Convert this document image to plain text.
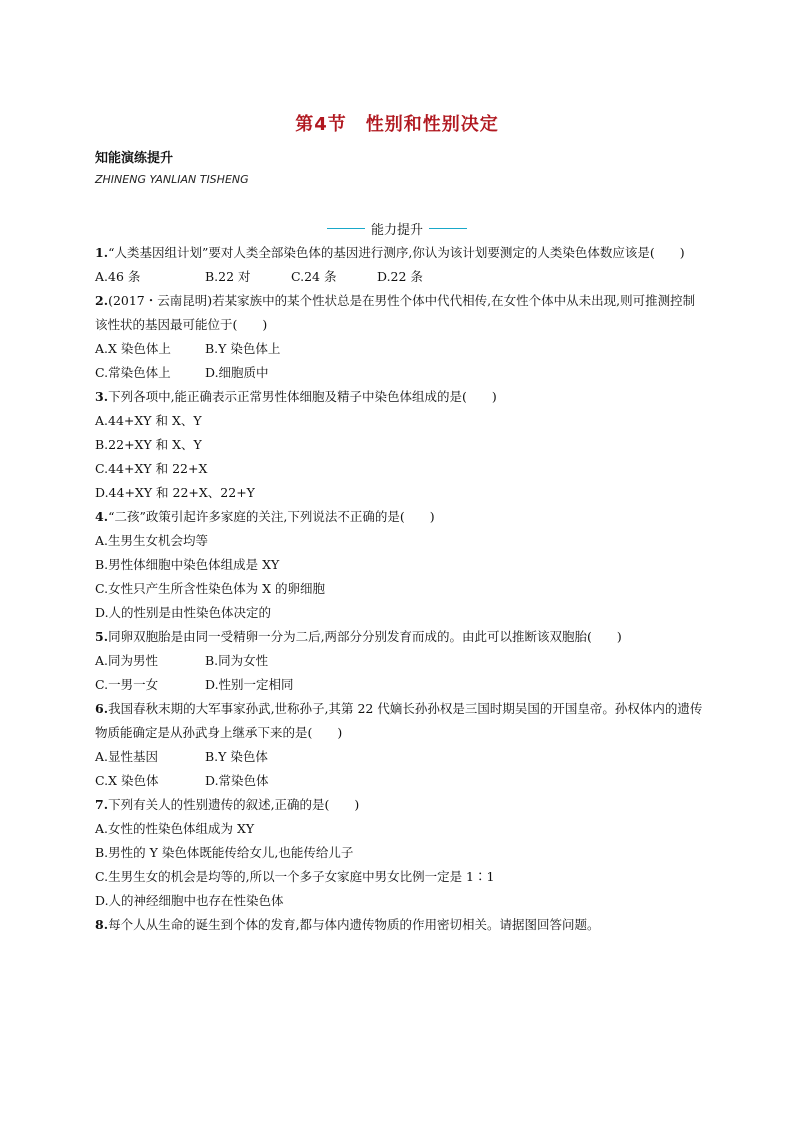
第4节　性别和性别决定
知能演练提升
ZHINENG YANLIAN TISHENG
能力提升

1.“人类基因组计划”要对人类全部染色体的基因进行测序,你认为该计划要测定的人类染色体数应该是(　　)

A.46 条	B.22 对	C.24 条	D.22 条

2.(2017・云南昆明)若某家族中的某个性状总是在男性个体中代代相传,在女性个体中从未出现,则可推测控制该性状的基因最可能位于(　　)

A.X 染色体上	B.Y 染色体上
C.常染色体上	D.细胞质中

3.下列各项中,能正确表示正常男性体细胞及精子中染色体组成的是(　　)

A.44+XY 和 X、Y

B.22+XY 和 X、Y

C.44+XY 和 22+X

D.44+XY 和 22+X、22+Y

4.“二孩”政策引起许多家庭的关注,下列说法不正确的是(　　)

A.生男生女机会均等

B.男性体细胞中染色体组成是 XY

C.女性只产生所含性染色体为 X 的卵细胞

D.人的性别是由性染色体决定的

5.同卵双胞胎是由同一受精卵一分为二后,两部分分别发育而成的。由此可以推断该双胞胎(　　)

A.同为男性	B.同为女性
C.一男一女	D.性别一定相同

6.我国春秋末期的大军事家孙武,世称孙子,其第 22 代嫡长孙孙权是三国时期吴国的开国皇帝。孙权体内的遗传物质能确定是从孙武身上继承下来的是(　　)

A.显性基因	B.Y 染色体
C.X 染色体	D.常染色体

7.下列有关人的性别遗传的叙述,正确的是(　　)

A.女性的性染色体组成为 XY

B.男性的 Y 染色体既能传给女儿,也能传给儿子

C.生男生女的机会是均等的,所以一个多子女家庭中男女比例一定是 1∶1

D.人的神经细胞中也存在性染色体

8.每个人从生命的诞生到个体的发育,都与体内遗传物质的作用密切相关。请据图回答问题。
